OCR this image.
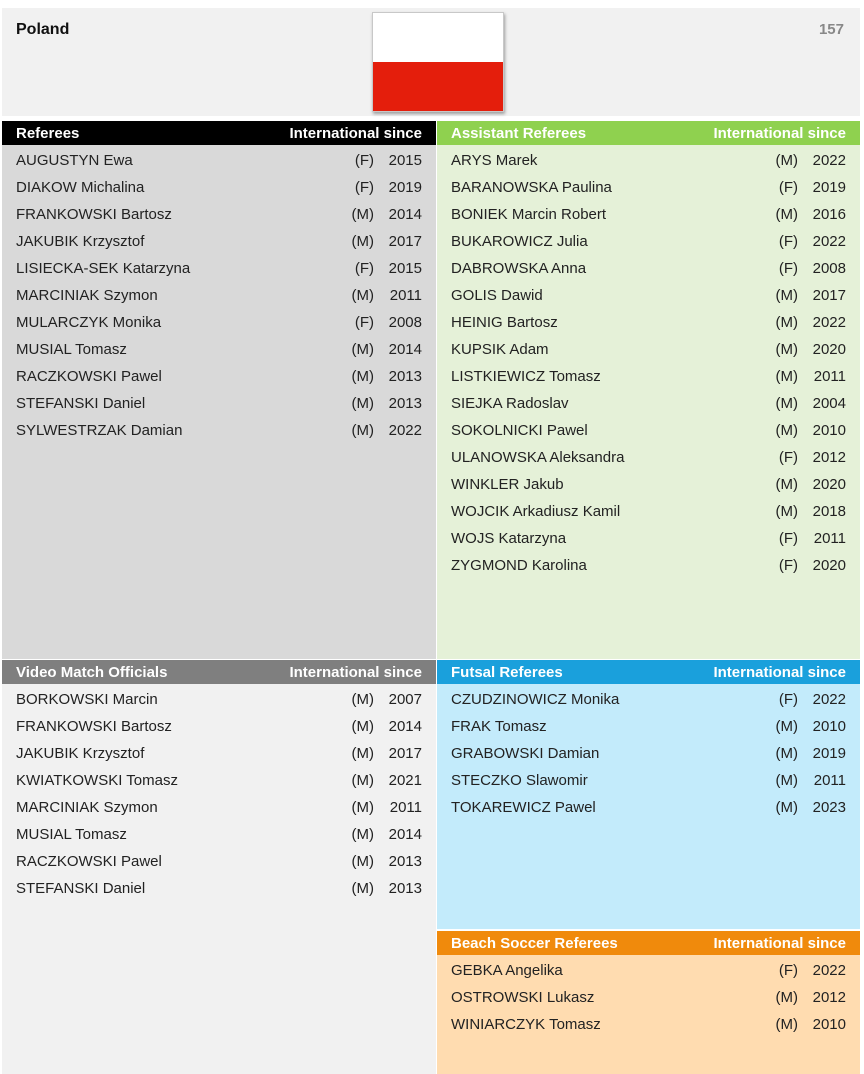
Poland	157
Referees	International since
AUGUSTYN Ewa	(F) 2015
DIAKOW Michalina	(F) 2019
FRANKOWSKI Bartosz	(M) 2014
JAKUBIK Krzysztof	(M) 2017
LISIECKA-SEK Katarzyna	(F) 2015
MARCINIAK Szymon	(M)	2011
MULARCZYK Monika	(F) 2008
MUSIAL Tomasz	(M) 2014
RACZKOWSKI Pawel	(M) 2013
STEFANSKI Daniel	(M) 2013
SYLWESTRZAK Damian	(M) 2022
Assistant Referees	International since
ARYS Marek	(M) 2022
BARANOWSKA Paulina	(F) 2019
BONIEK Marcin Robert	(M) 2016
BUKAROWICZ Julia	(F) 2022
DABROWSKA Anna	(F) 2008
GOLIS Dawid	(M) 2017
HEINIG Bartosz	(M) 2022
KUPSIK Adam	(M) 2020
LISTKIEWICZ Tomasz	(M)	2011
SIEJKA Radoslav	(M) 2004
SOKOLNICKI Pawel	(M) 2010
ULANOWSKA Aleksandra	(F) 2012
WINKLER Jakub	(M) 2020
WOJCIK Arkadiusz Kamil	(M) 2018
WOJS Katarzyna	(F)	2011
ZYGMOND Karolina	(F) 2020
Video Match Officials	International since
BORKOWSKI Marcin	(M) 2007
FRANKOWSKI Bartosz	(M) 2014
JAKUBIK Krzysztof	(M) 2017
KWIATKOWSKI Tomasz	(M) 2021
MARCINIAK Szymon	(M)	2011
MUSIAL Tomasz	(M) 2014
RACZKOWSKI Pawel	(M) 2013
STEFANSKI Daniel	(M) 2013
Futsal Referees	International since
CZUDZINOWICZ Monika	(F) 2022
FRAK Tomasz	(M) 2010
GRABOWSKI Damian	(M) 2019
STECZKO Slawomir	(M)	2011
TOKAREWICZ Pawel	(M) 2023
Beach Soccer Referees	International since
GEBKA Angelika	(F) 2022
OSTROWSKI Lukasz	(M) 2012
WINIARCZYK Tomasz	(M) 2010
